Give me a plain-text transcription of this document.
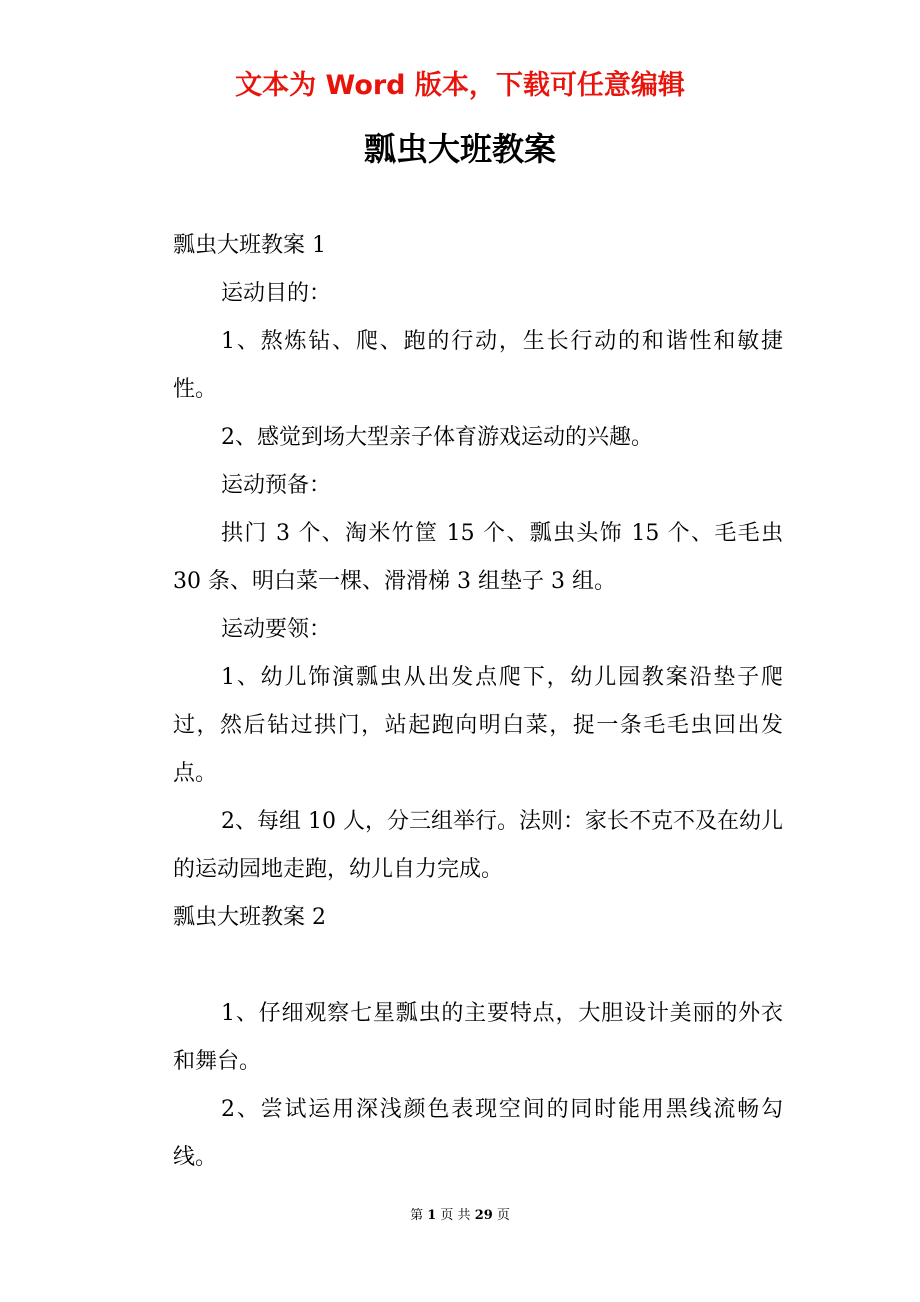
文本为 Word 版本，下载可任意编辑
瓢虫大班教案

瓢虫大班教案 1

运动目的：

1、熬炼钻、爬、跑的行动，生长行动的和谐性和敏捷性。

2、感觉到场大型亲子体育游戏运动的兴趣。

运动预备：

拱门 3 个、淘米竹筐 15 个、瓢虫头饰 15 个、毛毛虫 30 条、明白菜一棵、滑滑梯 3 组垫子 3 组。

运动要领：

1、幼儿饰演瓢虫从出发点爬下，幼儿园教案沿垫子爬过，然后钻过拱门，站起跑向明白菜，捉一条毛毛虫回出发点。

2、每组 10 人，分三组举行。法则：家长不克不及在幼儿的运动园地走跑，幼儿自力完成。

瓢虫大班教案 2

1、仔细观察七星瓢虫的主要特点，大胆设计美丽的外衣和舞台。

2、尝试运用深浅颜色表现空间的同时能用黑线流畅勾线。

第 1 页 共 29 页
